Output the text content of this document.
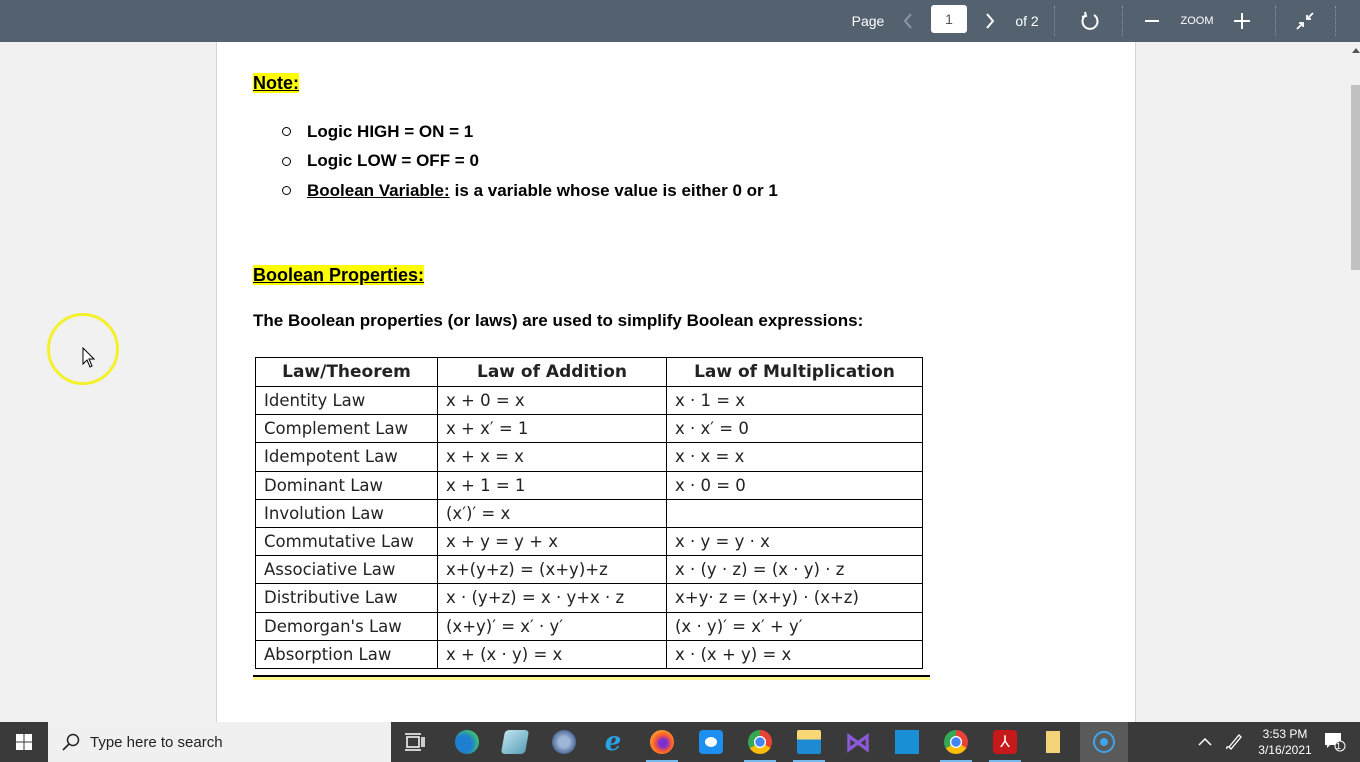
Page
1	of 2	ZOOM
Note:
Logic HIGH = ON = 1
Logic LOW = OFF = 0
Boolean Variable: is a variable whose value is either 0 or 1
Boolean Properties:
The Boolean properties (or laws) are used to simplify Boolean expressions:
Law/Theorem	Law of Addition	Law of Multiplication
Identity Law	x + 0 = x	x · 1 = x
Complement Law	x + x′ = 1	x · x′ = 0
Idempotent Law	x + x = x	x · x = x
Dominant Law	x + 1 = 1	x · 0 = 0
Involution Law	(x′)′ = x	
Commutative Law	x + y = y + x	x · y = y · x
Associative Law	x+(y+z) = (x+y)+z	x · (y · z) = (x · y) · z
Distributive Law	x · (y+z) = x · y+x · z	x+y· z = (x+y) · (x+z)
Demorgan's Law	(x+y)′ = x′ · y′	(x · y)′ = x′ + y′
Absorption Law	x + (x · y) = x	x · (x + y) = x
Type here to search	e	⋈	⅄	3:53 PM
3/16/2021	1
